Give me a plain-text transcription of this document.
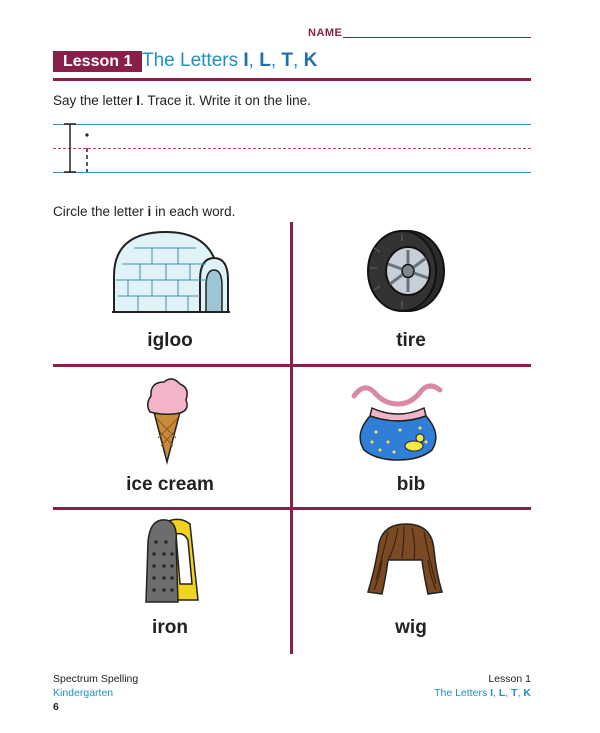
NAME
Lesson 1 The Letters I, L, T, K
Say the letter I. Trace it. Write it on the line.
Circle the letter i in each word.
igloo	tire
ice cream	bib
iron	wig
Spectrum Spelling
Kindergarten
6
Lesson 1
The Letters I, L, T, K
